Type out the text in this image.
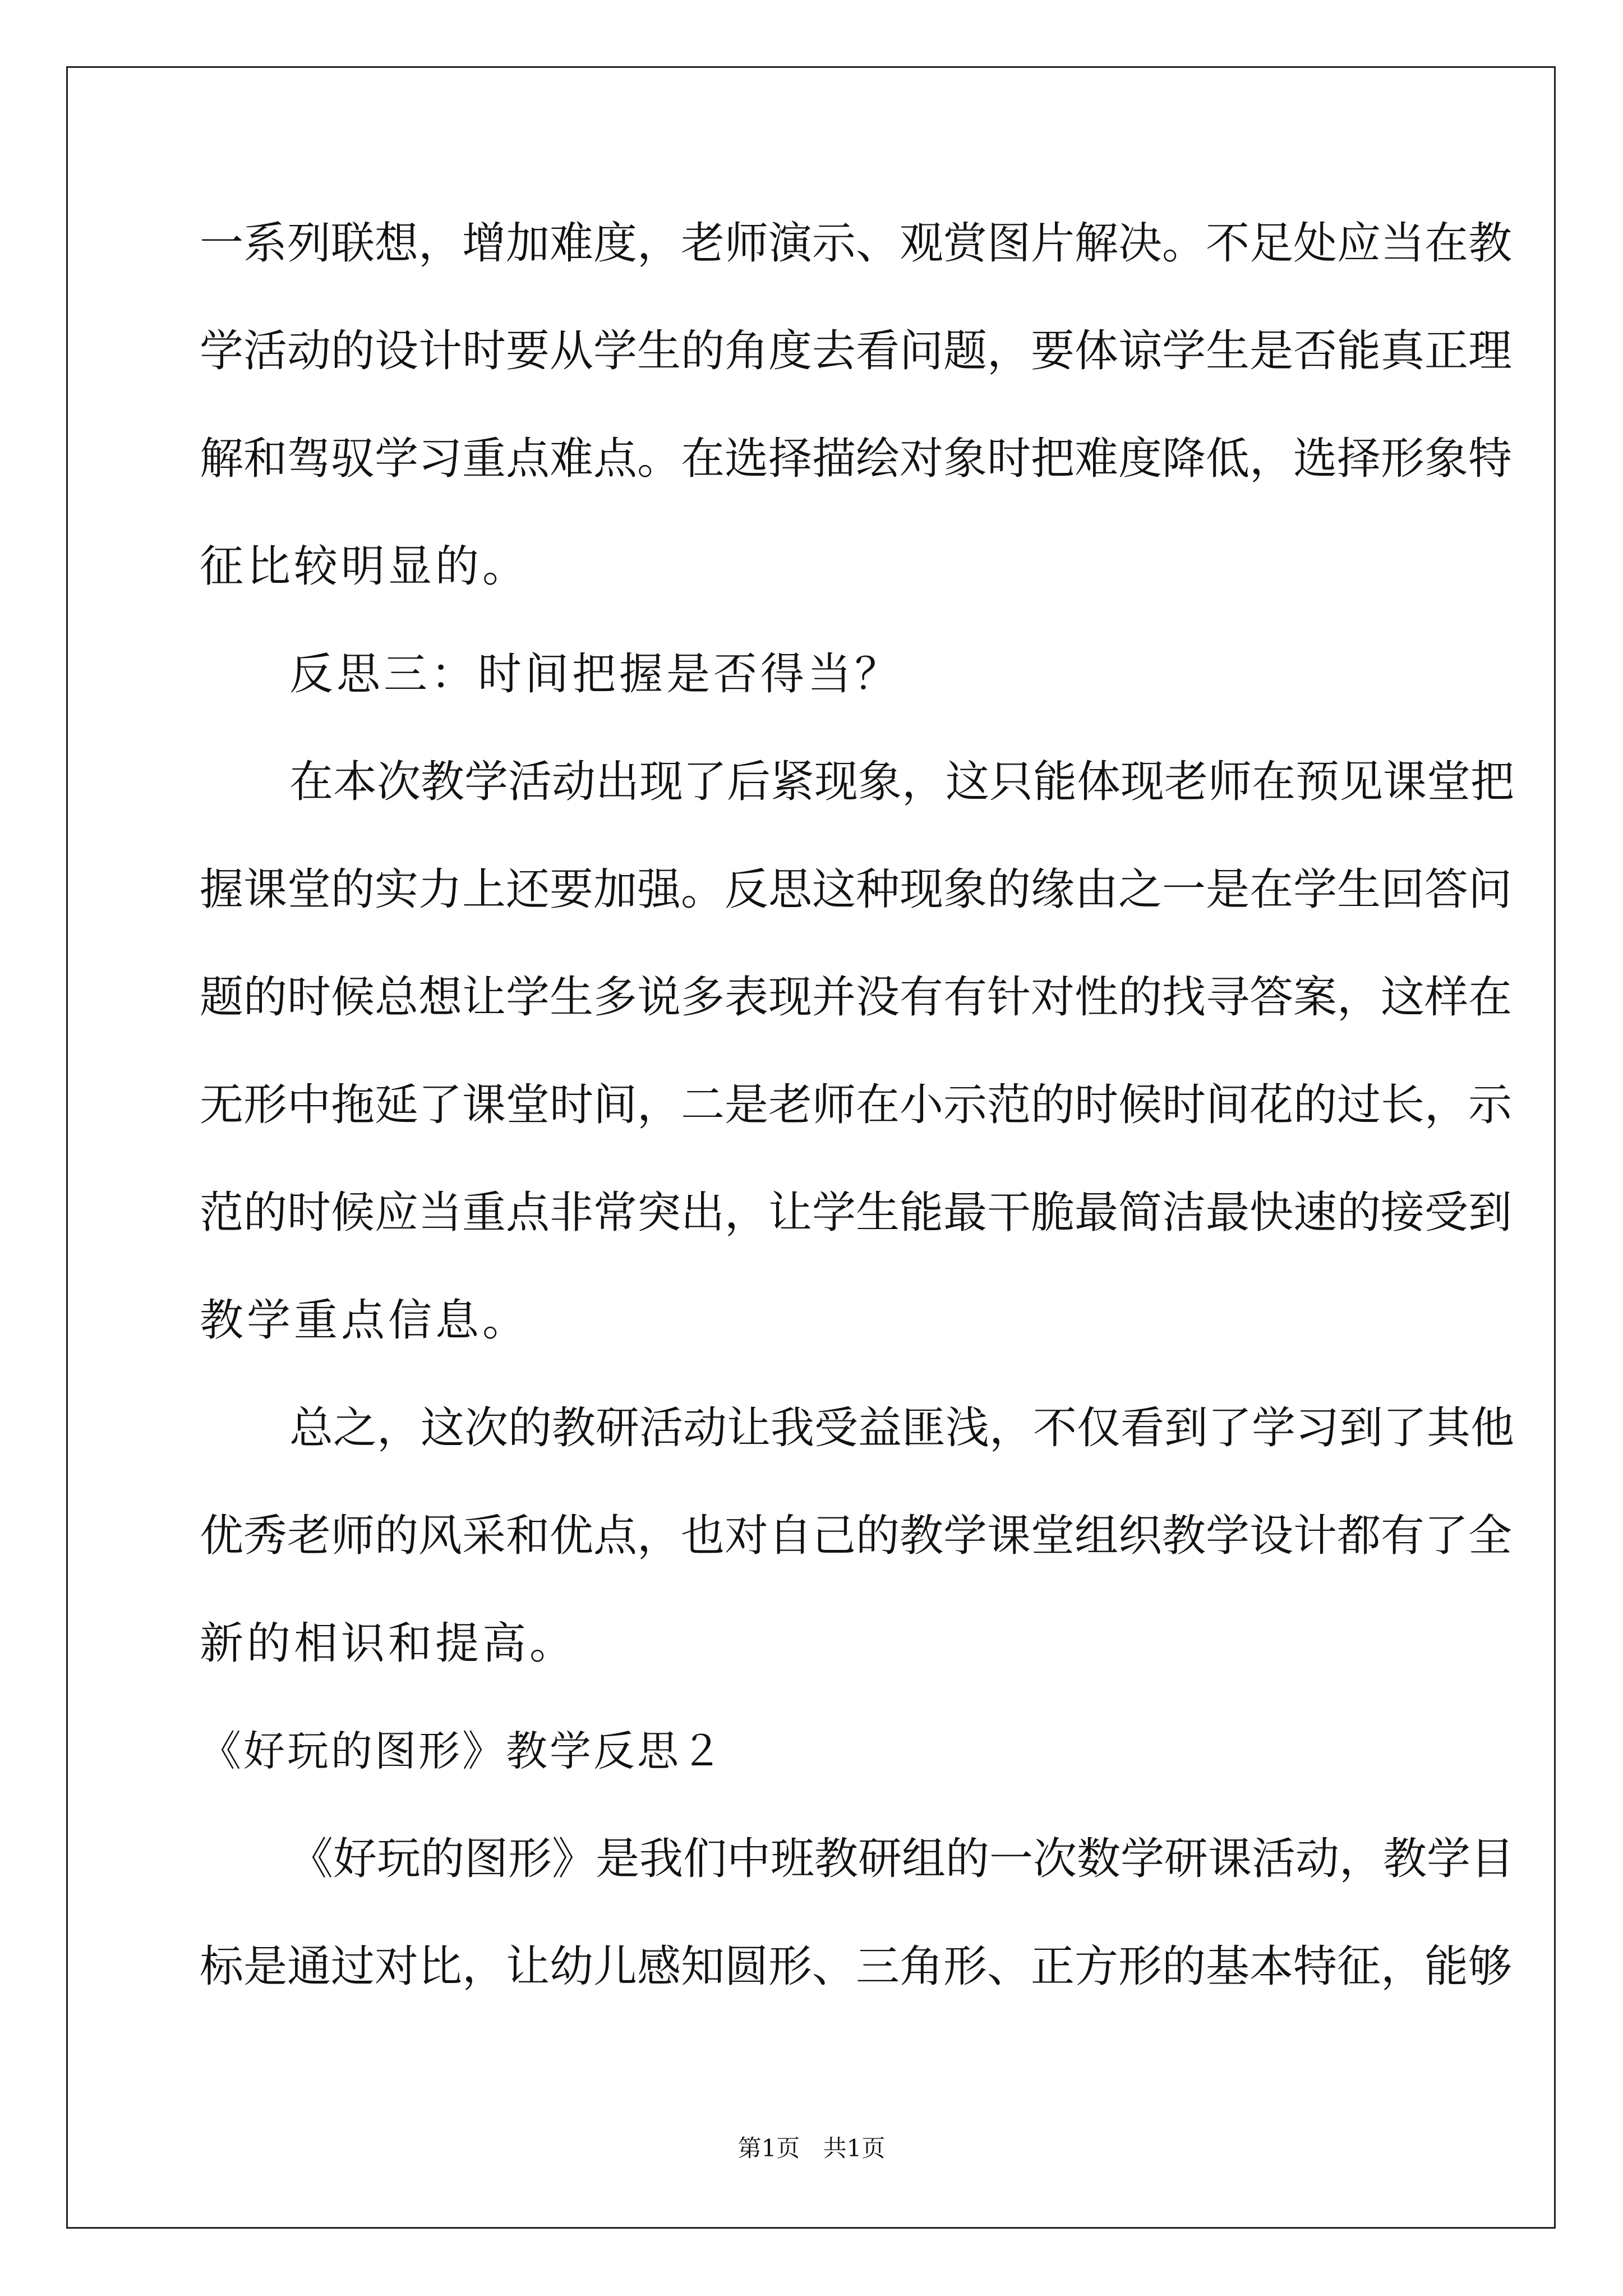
一系列联想，增加难度，老师演示、观赏图片解决。不足处应当在教
学活动的设计时要从学生的角度去看问题，要体谅学生是否能真正理
解和驾驭学习重点难点。在选择描绘对象时把难度降低，选择形象特
征比较明显的。
反思三：时间把握是否得当？
在本次教学活动出现了后紧现象，这只能体现老师在预见课堂把
握课堂的实力上还要加强。反思这种现象的缘由之一是在学生回答问
题的时候总想让学生多说多表现并没有有针对性的找寻答案，这样在
无形中拖延了课堂时间，二是老师在小示范的时候时间花的过长，示
范的时候应当重点非常突出，让学生能最干脆最简洁最快速的接受到
教学重点信息。
总之，这次的教研活动让我受益匪浅，不仅看到了学习到了其他
优秀老师的风采和优点，也对自己的教学课堂组织教学设计都有了全
新的相识和提高。
《好玩的图形》教学反思２
《好玩的图形》是我们中班教研组的一次数学研课活动，教学目
标是通过对比，让幼儿感知圆形、三角形、正方形的基本特征，能够
第1页 共1页
